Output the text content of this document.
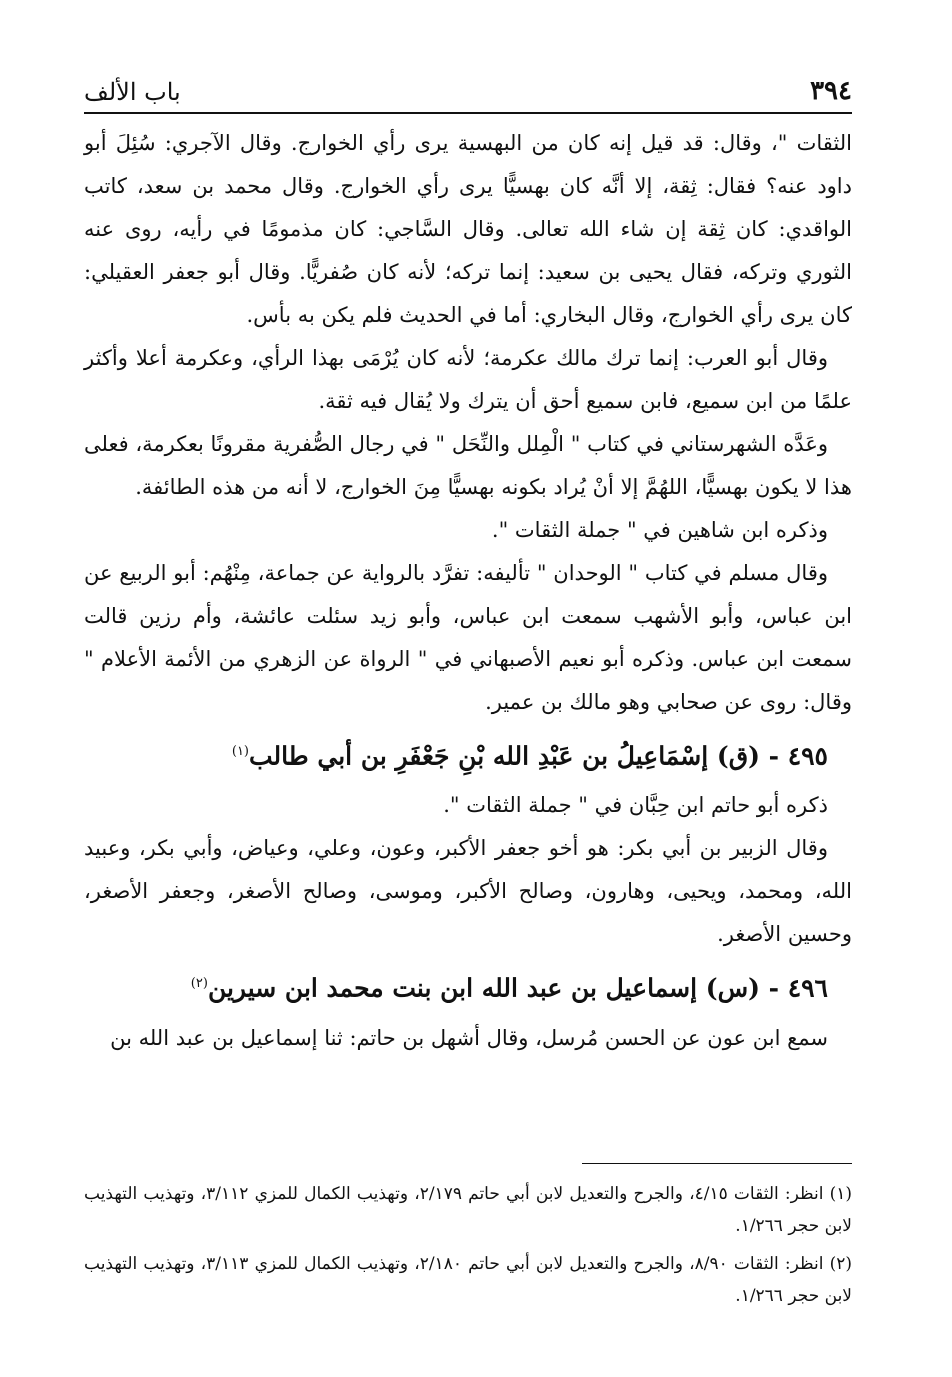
٣٩٤
باب الألف

الثقات "، وقال: قد قيل إنه كان من البهسية يرى رأي الخوارج. وقال الآجري: سُئِلَ أبو داود عنه؟ فقال: ثِقة، إلا أنَّه كان بهسيًّا يرى رأي الخوارج. وقال محمد بن سعد، كاتب الواقدي: كان ثِقة إن شاء الله تعالى. وقال السَّاجي: كان مذمومًا في رأيه، روى عنه الثوري وتركه، فقال يحيى بن سعيد: إنما تركه؛ لأنه كان صُفريًّا. وقال أبو جعفر العقيلي: كان يرى رأي الخوارج، وقال البخاري: أما في الحديث فلم يكن به بأس.

وقال أبو العرب: إنما ترك مالك عكرمة؛ لأنه كان يُرْمَى بهذا الرأي، وعكرمة أعلا وأكثر علمًا من ابن سميع، فابن سميع أحق أن يترك ولا يُقال فيه ثقة.

وعَدَّه الشهرستاني في كتاب " الْمِلل والنِّحَل " في رجال الصُّفرية مقرونًا بعكرمة، فعلى هذا لا يكون بهسيًّا، اللهُمَّ إلا أنْ يُراد بكونه بهسيًّا مِنَ الخوارج، لا أنه من هذه الطائفة.

وذكره ابن شاهين في " جملة الثقات ".

وقال مسلم في كتاب " الوحدان " تأليفه: تفرَّد بالرواية عن جماعة، مِنْهُم: أبو الربيع عن ابن عباس، وأبو الأشهب سمعت ابن عباس، وأبو زيد سئلت عائشة، وأم رزين قالت سمعت ابن عباس. وذكره أبو نعيم الأصبهاني في " الرواة عن الزهري من الأئمة الأعلام " وقال: روى عن صحابي وهو مالك بن عمير.

٤٩٥ - (ق) إسْمَاعِيلُ بن عَبْدِ الله بْنِ جَعْفَرِ بن أبي طالب$^{(١)}$

ذكره أبو حاتم ابن حِبَّان في " جملة الثقات ".

وقال الزبير بن أبي بكر: هو أخو جعفر الأكبر، وعون، وعلي، وعياض، وأبي بكر، وعبيد الله، ومحمد، ويحيى، وهارون، وصالح الأكبر، وموسى، وصالح الأصغر، وجعفر الأصغر، وحسين الأصغر.

٤٩٦ - (س) إسماعيل بن عبد الله ابن بنت محمد ابن سيرين$^{(٢)}$

سمع ابن عون عن الحسن مُرسل، وقال أشهل بن حاتم: ثنا إسماعيل بن عبد الله بن

(١) انظر: الثقات ٤/١٥، والجرح والتعديل لابن أبي حاتم ٢/١٧٩، وتهذيب الكمال للمزي ٣/١١٢، وتهذيب التهذيب لابن حجر ١/٢٦٦.

(٢) انظر: الثقات ٨/٩٠، والجرح والتعديل لابن أبي حاتم ٢/١٨٠، وتهذيب الكمال للمزي ٣/١١٣، وتهذيب التهذيب لابن حجر ١/٢٦٦.
